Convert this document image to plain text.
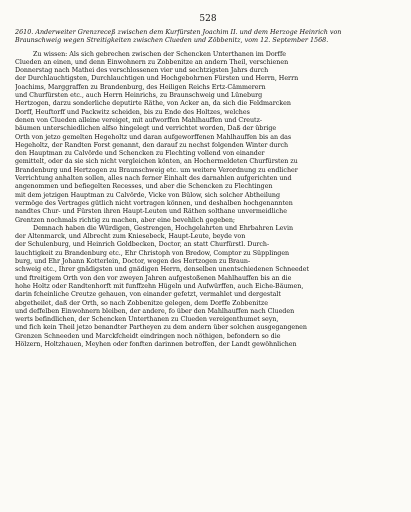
528
2610. Anderweiter Grenzreceß zwischen dem Kurfürsten Joachim II. und dem Herzoge Heinrich von
Braunschweig wegen Streitigkeiten zwischen Clueden und Zöbbenitz, vom 12. September 1568.
Zu wissen: Als sich gebrechen zwischen der Schencken Unterthanen im Dorffe
Clueden an einen, und denn Einwohnern zu Zobbenitze an andern Theil, verschienen
Donnerstag nach Mathei des verschlossenen vier und sechtzigsten Jahrs durch
der Durchlauchtigsten, Durchlauchtigen und Hochgebohrnen Fürsten und Herrn, Herrn
Joachims, Marggraffen zu Brandenburg, des Heiligen Reichs Ertz-Cämmerern
und Churfürsten etc., auch Herrn Heinrichs, zu Braunschweig und Lüneburg
Hertzogen, darzu sonderliche deputirte Räthe, von Acker an, da sich die Feldmarcken
Dorff, Heuftorff und Packwitz scheiden, bis zu Ende des Holtzes, welches
denen von Clueden alleine vereiget, mit aufworffen Mahlhauffen und Creutz-
bäumen unterschiedlichen alfso hingelegt und verrichtet worden, Daß der übrige
Orth von jetzo gemelten Hegeholtz und daran aufgeworffenen Mahlhauffen bis an das
Hegeholtz, der Randten Forst genannt, den darauf zu nechst folgenden Winter durch
den Hauptman zu Calvörde und Schencken zu Flechting vollend von einander
gemittelt, oder da sie sich nicht vergleichen könten, an Hochermeldeten Churfürsten zu
Brandenburg und Hertzogen zu Braunschweig etc. um weitere Verordnung zu endlicher
Verrichtung anhalten sollen, alles nach ferner Einhalt des darnahlen aufgerichten und
angenommen und befiegelten Recesses, und aber die Schencken zu Flechtingen
mit dem jetzigen Hauptman zu Calvörde, Vicke von Bülow, sich solcher Abtheilung
vermöge des Vertrages gütlich nicht vortragen können, und deshalben hochgenannten
nandtes Chur- und Fürsten ihren Haupt-Leuten und Räthen solthane unvermeidliche
Grentzen nochmals richtig zu machen, aber eine bevehlich gegeben;
Demnach haben die Würdigen, Gestrengen, Hochgelahrten und Ehrbahren Levin
der Altenmarck, und Albrecht zum Kniesebeck, Haupt-Leute, beyde von
der Schulenburg, und Heinrich Goldbecken, Doctor, an statt Churfürstl. Durch-
lauchtigkeit zu Brandenburg etc., Ehr Christoph von Bredow, Comptor zu Süpplingen
burg, und Ehr Johann Kotterlein, Doctor, wegen des Hertzogen zu Braun-
schweig etc., Ihrer gnädigsten und gnädigen Herrn, denselben unentschiedenen Schneedet
und ftreitigem Orth von den vor zweyen Jahren aufgestoßenen Mahlhauffen bis an die
hohe Holtz oder Randtenhorft mit funffzehn Hügeln und Aufwürffen, auch Eiche-Bäumen,
darin fcheinliche Creutze gehauen, von einander gefetzt, vermahlet und dergestalt
abgetheilet, daß der Orth, so nach Zobbenitze gelegen, dem Dorffe Zobbenitze
und deffelben Einwohnern bleiben, der andere, fo über den Mahlhauffen nach Clueden
werts befindlichen, der Schencken Unterthanen zu Clueden vereigenthumet seyn,
und fich kein Theil jetzo benandter Partheyen zu dem andern über solchen ausgegangenen
Grenzen Schneeden und Marckfcheidt eindringen noch nöthigen, befondern so die
Hölzern, Holtzhauen, Meyhen oder fonften darinnen betroffen, der Landt gewöhnlichen
